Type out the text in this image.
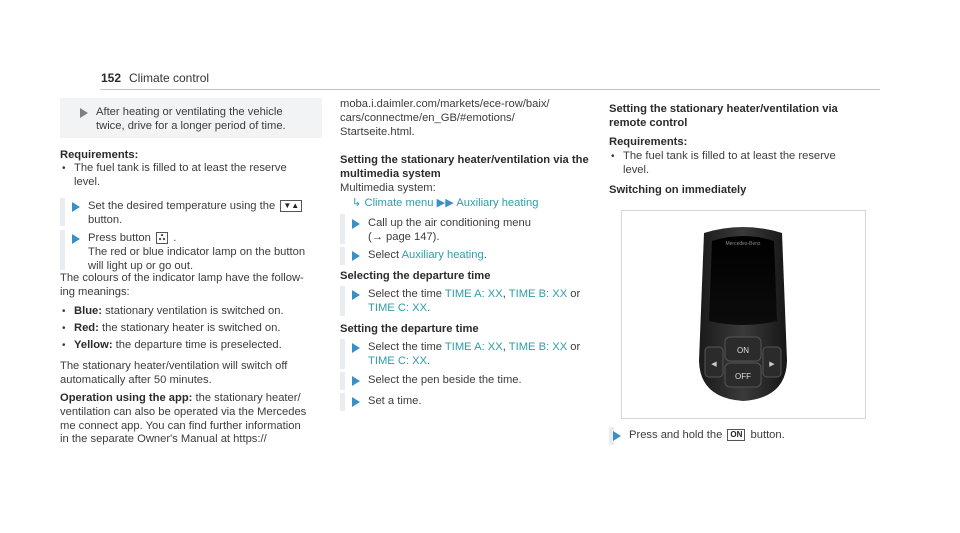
152 Climate control
After heating or ventilating the vehicle
twice, drive for a longer period of time.
Requirements:
• The fuel tank is filled to at least the reserve
level.
Set the desired temperature using the ▼▲
button.
Press button ஃ .
The red or blue indicator lamp on the button
will light up or go out.
The colours of the indicator lamp have the follow-
ing meanings:
• Blue: stationary ventilation is switched on.
• Red: the stationary heater is switched on.
• Yellow: the departure time is preselected.
The stationary heater/ventilation will switch off
automatically after 50 minutes.
Operation using the app: the stationary heater/
ventilation can also be operated via the Mercedes
me connect app. You can find further information
in the separate Owner's Manual at https://
moba.i.daimler.com/markets/ece-row/baix/
cars/connectme/en_GB/#emotions/
Startseite.html.
Setting the stationary heater/ventilation via the
multimedia system
Multimedia system:
↳ Climate menu ▶▶ Auxiliary heating
Call up the air conditioning menu
(→ page 147).
Select Auxiliary heating.
Selecting the departure time
Select the time TIME A: XX, TIME B: XX or
TIME C: XX.
Setting the departure time
Select the time TIME A: XX, TIME B: XX or
TIME C: XX.
Select the pen beside the time.
Set a time.
Setting the stationary heater/ventilation via
remote control
Requirements:
• The fuel tank is filled to at least the reserve
level.
Switching on immediately
Mercedes-Benz
ON
OFF
◀	▶
Press and hold the ON button.
